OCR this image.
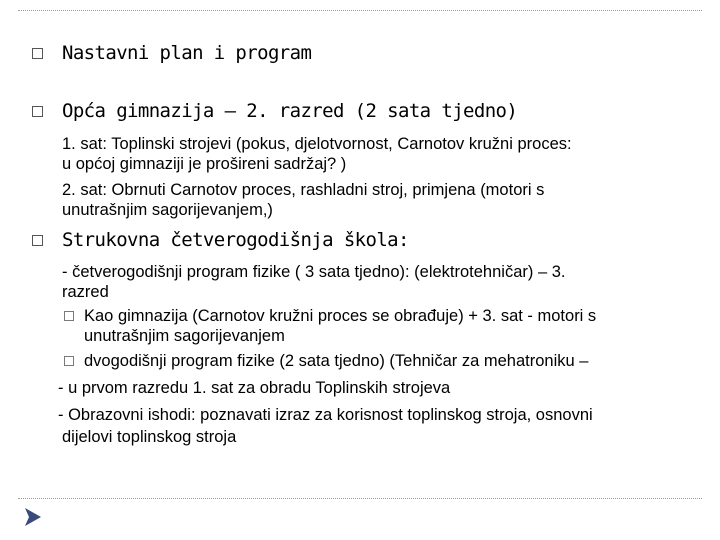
Nastavni plan i program
Opća gimnazija – 2. razred (2 sata tjedno)
1. sat: Toplinski strojevi (pokus, djelotvornost, Carnotov kružni proces:
u općoj gimnaziji je prošireni sadržaj? )
2. sat: Obrnuti Carnotov proces, rashladni stroj, primjena (motori s
unutrašnjim sagorijevanjem,)
Strukovna četverogodišnja škola:
- četverogodišnji program fizike ( 3 sata tjedno): (elektrotehničar) – 3.
razred
Kao gimnazija (Carnotov kružni proces se obrađuje) + 3. sat - motori s
unutrašnjim sagorijevanjem
dvogodišnji program fizike (2 sata tjedno) (Tehničar za mehatroniku –
- u prvom razredu 1. sat za obradu Toplinskih strojeva
- Obrazovni ishodi: poznavati izraz za korisnost toplinskog stroja, osnovni
dijelovi toplinskog stroja
